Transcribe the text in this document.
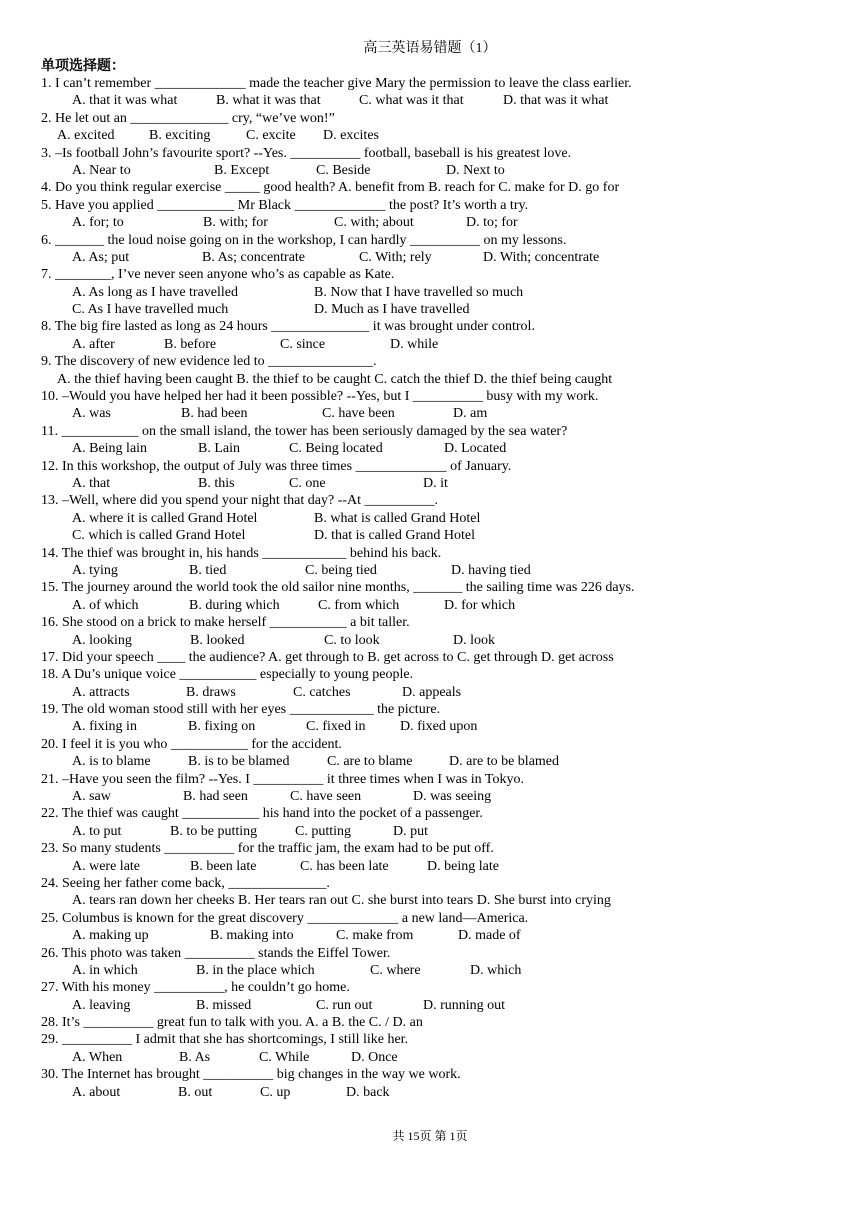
高三英语易错题（1）
单项选择题：
1. I can’t remember _____________ made the teacher give Mary the permission to leave the class earlier.
A. that it was what	B. what it was that	C. what was it that	D. that was it what
2. He let out an ______________ cry, “we’ve won!”
A. excited B. exciting	C. excite D. excites
3. –Is football John’s favourite sport? --Yes. __________ football, baseball is his greatest love.
A. Near to	B. Except	C. Beside	D. Next to
4. Do you think regular exercise _____ good health? A. benefit from B. reach for C. make for D. go for
5. Have you applied ___________ Mr Black _____________ the post? It’s worth a try.
A. for; to	B. with; for	C. with; about	D. to; for
6. _______ the loud noise going on in the workshop, I can hardly __________ on my lessons.
A. As; put	B. As; concentrate	C. With; rely	D. With; concentrate
7. ________, I’ve never seen anyone who’s as capable as Kate.
A. As long as I have travelled	B. Now that I have travelled so much
C. As I have travelled much	D. Much as I have travelled
8. The big fire lasted as long as 24 hours ______________ it was brought under control.
A. after	B. before	C. since	D. while
9. The discovery of new evidence led to _______________.
A. the thief having been caught B. the thief to be caught C. catch the thief D. the thief being caught
10. –Would you have helped her had it been possible? --Yes, but I __________ busy with my work.
A. was	B. had been	C. have been	D. am
11. ___________ on the small island, the tower has been seriously damaged by the sea water?
A. Being lain	B. Lain	C. Being located	D. Located
12. In this workshop, the output of July was three times _____________ of January.
A. that	B. this	C. one	D. it
13. –Well, where did you spend your night that day? --At __________.
A. where it is called Grand Hotel	B. what is called Grand Hotel
C. which is called Grand Hotel	D. that is called Grand Hotel
14. The thief was brought in, his hands ____________ behind his back.
A. tying	B. tied	C. being tied	D. having tied
15. The journey around the world took the old sailor nine months, _______ the sailing time was 226 days.
A. of which	B. during which	C. from which	D. for which
16. She stood on a brick to make herself ___________ a bit taller.
A. looking	B. looked	C. to look	D. look
17. Did your speech ____ the audience? A. get through to B. get across to C. get through D. get across
18. A Du’s unique voice ___________ especially to young people.
A. attracts	B. draws	C. catches	D. appeals
19. The old woman stood still with her eyes ____________ the picture.
A. fixing in	B. fixing on	C. fixed in D. fixed upon
20. I feel it is you who ___________ for the accident.
A. is to blame	B. is to be blamed	C. are to blame	D. are to be blamed
21. –Have you seen the film? --Yes. I __________ it three times when I was in Tokyo.
A. saw	B. had seen	C. have seen	D. was seeing
22. The thief was caught ___________ his hand into the pocket of a passenger.
A. to put	B. to be putting	C. putting	D. put
23. So many students __________ for the traffic jam, the exam had to be put off.
A. were late	B. been late	C. has been late	D. being late
24. Seeing her father come back, ______________.
A. tears ran down her cheeks B. Her tears ran out C. she burst into tears D. She burst into crying
25. Columbus is known for the great discovery _____________ a new land—America.
A. making up	B. making into	C. make from	D. made of
26. This photo was taken __________ stands the Eiffel Tower.
A. in which	B. in the place which	C. where	D. which
27. With his money __________, he couldn’t go home.
A. leaving	B. missed	C. run out	D. running out
28. It’s __________ great fun to talk with you. A. a B. the C. / D. an
29. __________ I admit that she has shortcomings, I still like her.
A. When	B. As	C. While	D. Once
30. The Internet has brought __________ big changes in the way we work.
A. about	B. out	C. up	D. back
共 15页 第 1页
